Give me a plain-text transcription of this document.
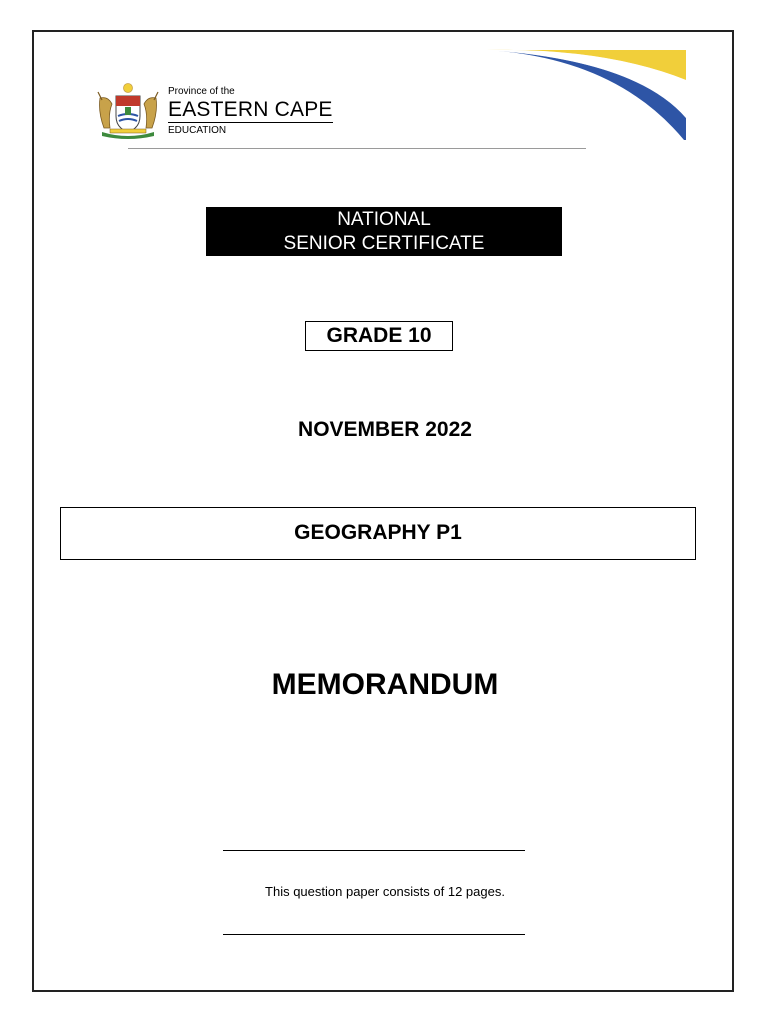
Province of the
EASTERN CAPE
EDUCATION
NATIONAL
SENIOR CERTIFICATE
GRADE 10
NOVEMBER 2022
GEOGRAPHY P1
MEMORANDUM
This question paper consists of 12 pages.
